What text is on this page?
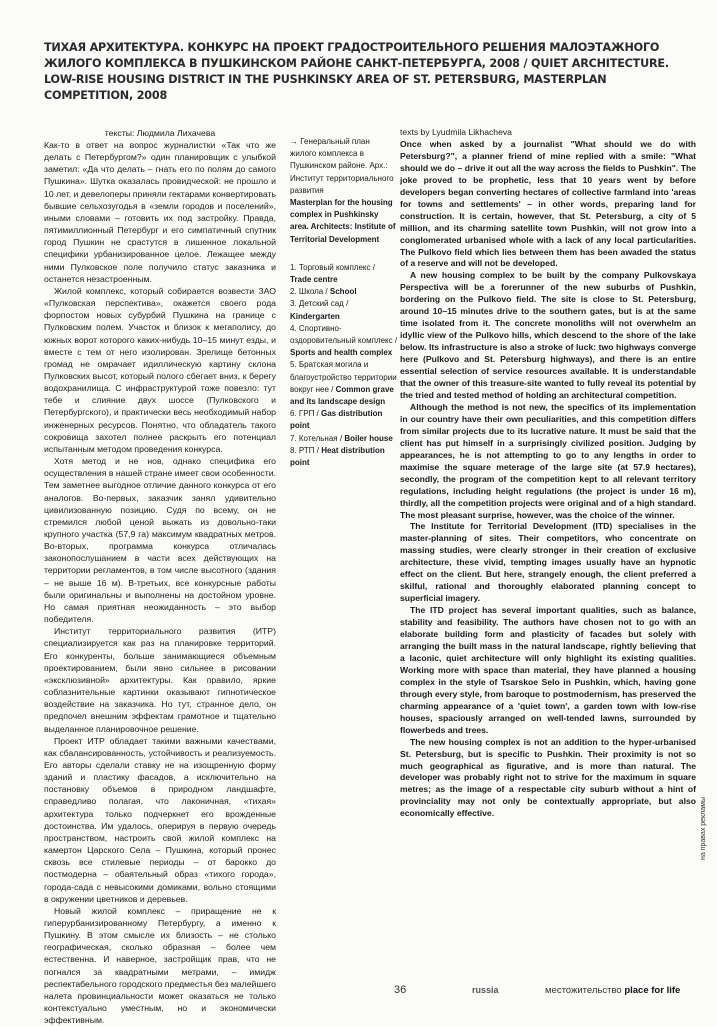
ТИХАЯ АРХИТЕКТУРА. КОНКУРС НА ПРОЕКТ ГРАДОСТРОИТЕЛЬНОГО РЕШЕНИЯ МАЛОЭТАЖНОГО ЖИЛОГО КОМПЛЕКСА В ПУШКИНСКОМ РАЙОНЕ САНКТ-ПЕТЕРБУРГА, 2008 / QUIET ARCHITECTURE. LOW-RISE HOUSING DISTRICT IN THE PUSHKINSKY AREA OF ST. PETERSBURG, MASTERPLAN COMPETITION, 2008
тексты: Людмила Лихачева

Как-то в ответ на вопрос журналистки «Так что же делать с Петербургом?» один планировщик с улыбкой заметил: «Да что делать – гнать его по полям до самого Пушкина». Шутка оказалась провидческой: не прошло и 10 лет, и девелоперы приняли гектарами конвертировать бывшие сельхозугодья в «земли городов и поселений», иными словами – готовить их под застройку. Правда, пятимиллионный Петербург и его симпатичный спутник город Пушкин не срастутся в лишенное локальной специфики урбанизированное целое. Лежащее между ними Пулковское поле получило статус заказника и останется незастроенным.

Жилой комплекс, который собирается возвести ЗАО «Пулковская перспектива», окажется своего рода форпостом новых субурбий Пушкина на границе с Пулковским полем. Участок и близок к мегаполису, до южных ворот которого каких-нибудь 10–15 минут езды, и вместе с тем от него изолирован. Зрелище бетонных громад не омрачает идиллическую картину склона Пулковских высот, который пологo сбегает вниз, к берегу водохранилища. С инфраструктурой тоже повезло: тут тебе и слияние двух шоссе (Пулковского и Петербургского), и практически весь необходимый набор инженерных ресурсов. Понятно, что обладатель такого сокровища захотел полнее раскрыть его потенциал испытанным методом проведения конкурса.

Хотя метод и не нов, однако специфика его осуществления в нашей стране имеет свои особенности. Тем заметнее выгодное отличие данного конкурса от его аналогов. Во-первых, заказчик занял удивительно цивилизованную позицию. Судя по всему, он не стремился любой ценой выжать из довольно-таки крупного участка (57,9 га) максимум квадратных метров. Во-вторых, программа конкурса отличалась законопослушанием в части всех действующих на территории регламентов, в том числе высотного (здания – не выше 16 м). В-третьих, все конкурсные работы были оригинальны и выполнены на достойном уровне. Но самая приятная неожиданность – это выбор победителя.

Институт территориального развития (ИТР) специализируется как раз на планировке территорий. Его конкуренты, больше занимающиеся объемным проектированием, были явно сильнее в рисовании «эксклюзивной» архитектуры. Как правило, яркие соблазнительные картинки оказывают гипнотическое воздействие на заказчика. Но тут, странное дело, он предпочел внешним эффектам грамотное и тщательно выделанное планировочное решение.

Проект ИТР обладает такими важными качествами, как сбалансированность, устойчивость и реализуемость. Его авторы сделали ставку не на изощренную форму зданий и пластику фасадов, а исключительно на постановку объемов в природном ландшафте, справедливо полагая, что лаконичная, «тихая» архитектура только подчеркнет его врожденные достоинства. Им удалось, оперируя в первую очередь пространством, настроить свой жилой комплекс на камертон Царского Села – Пушкина, который пронес сквозь все стилевые периоды – от барокко до постмодерна – обаятельный образ «тихого города», города-сада с невысокими домиками, вольно стоящими в окружении цветников и деревьев.

Новый жилой комплекс – приращение не к гиперурбанизированному Петербургу, а именно к Пушкину. В этом смысле их близость – не столько географическая, сколько образная – более чем естественна. И наверное, застройщик прав, что не погнался за квадратными метрами, – имидж респектабельного городского предместья без малейшего налета провинциальности может оказаться не только контекстуально уместным, но и экономически эффективным.

→ Генеральный план жилого комплекса в Пушкинском районе. Арх.: Институт территориального развития

Masterplan for the housing complex in Pushkinsky area. Architects: Institute of Territorial Development

1. Торговый комплекс / Trade centre

2. Школа / School

3. Детский сад / Kindergarten

4. Спортивно-оздоровительный комплекс / Sports and health complex

5. Братская могила и благоустройство территории вокруг нее / Common grave and its landscape design

6. ГРП / Gas distribution point

7. Котельная / Boiler house

8. РТП / Heat distribution point

texts by Lyudmila Likhacheva

Once when asked by a journalist "What should we do with Petersburg?", a planner friend of mine replied with a smile: "What should we do – drive it out all the way across the fields to Pushkin". The joke proved to be prophetic, less that 10 years went by before developers began converting hectares of collective farmland into 'areas for towns and settlements' – in other words, preparing land for construction. It is certain, however, that St. Petersburg, a city of 5 million, and its charming satellite town Pushkin, will not grow into a conglomerated urbanised whole with a lack of any local particularities. The Pulkovo field which lies between them has been awaded the status of a reserve and will not be developed.

A new housing complex to be built by the company Pulkovskaya Perspectiva will be a forerunner of the new suburbs of Pushkin, bordering on the Pulkovo field. The site is close to St. Petersburg, around 10–15 minutes drive to the southern gates, but is at the same time isolated from it. The concrete monoliths will not overwhelm an idyllic view of the Pulkovo hills, which descend to the shore of the lake below. Its infrastructure is also a stroke of luck: two highways converge here (Pulkovo and St. Petersburg highways), and there is an entire essential selection of service resources available. It is understandable that the owner of this treasure-site wanted to fully reveal its potential by the tried and tested method of holding an architectural competition.

Although the method is not new, the specifics of its implementation in our country have their own peculiarities, and this competition differs from similar projects due to its lucrative nature. It must be said that the client has put himself in a surprisingly civilized position. Judging by appearances, he is not attempting to go to any lengths in order to maximise the square meterage of the large site (at 57.9 hectares), secondly, the program of the competition kept to all relevant territory regulations, including height regulations (the project is under 16 m), thirdly, all the competition projects were original and of a high standard. The most pleasant surprise, however, was the choice of the winner.

The Institute for Territorial Development (ITD) specialises in the master-planning of sites. Their competitors, who concentrate on massing studies, were clearly stronger in their creation of exclusive architecture, these vivid, tempting images usually have an hypnotic effect on the client. But here, strangely enough, the client preferred a skilful, rational and thoroughly elaborated planning concept to superficial imagery.

The ITD project has several important qualities, such as balance, stability and feasibility. The authors have chosen not to go with an elaborate building form and plasticity of facades but solely with arranging the built mass in the natural landscape, rightly believing that a laconic, quiet architecture will only highlight its existing qualities. Working more with space than material, they have planned a housing complex in the style of Tsarskoe Selo in Pushkin, which, having gone through every style, from baroque to postmodernism, has preserved the charming appearance of a 'quiet town', a garden town with low-rise houses, spaciously arranged on well-tended lawns, surrounded by flowerbeds and trees.

The new housing complex is not an addition to the hyper-urbanised St. Petersburg, but is specific to Pushkin. Their proximity is not so much geographical as figurative, and is more than natural. The developer was probably right not to strive for the maximum in square metres; as the image of a respectable city suburb without a hint of provinciality may not only be contextually appropriate, but also economically effective.	на правах рекламы
36	russia	местожительство place for life
